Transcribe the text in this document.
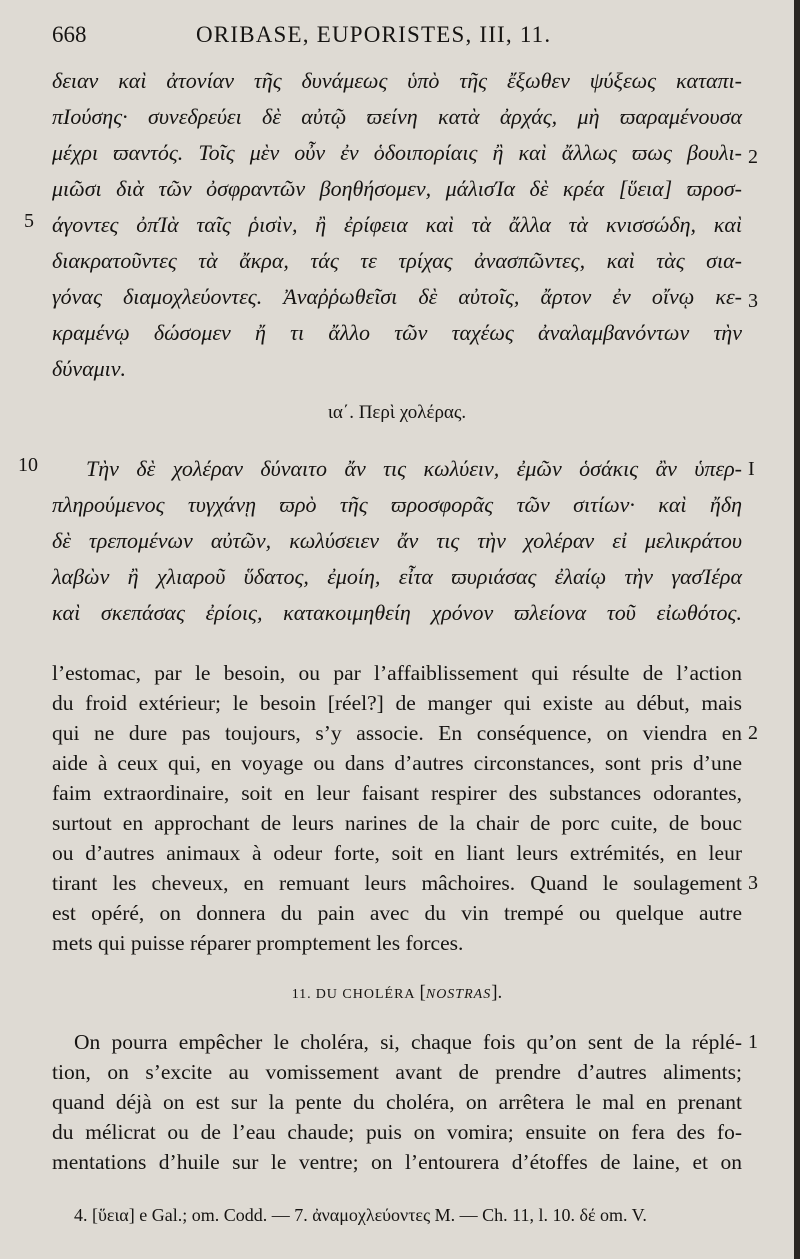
668	ORIBASE, EUPORISTES, III, 11.
δειαν καὶ ἀτονίαν τῆς δυνάμεως ὑπὸ τῆς ἔξωθεν ψύξεως καταπι-
πΙούσης· συνεδρεύει δὲ αὐτῷ ϖείνη κατὰ ἀρχάς, μὴ ϖαραμένουσα
μέχρι ϖαντός. Τοῖς μὲν οὖν ἐν ὁδοιπορίαις ἢ καὶ ἄλλως ϖως βουλι-
μιῶσι διὰ τῶν ὀσφραντῶν βοηθήσομεν, μάλισΊα δὲ κρέα [ὕεια] ϖροσ-
άγοντες ὀπΊὰ ταῖς ῥισὶν, ἢ ἐρίφεια καὶ τὰ ἄλλα τὰ κνισσώδη, καὶ
διακρατοῦντες τὰ ἄκρα, τάς τε τρίχας ἀνασπῶντες, καὶ τὰς σια-
γόνας διαμοχλεύοντες. Ἀναῤῥωθεῖσι δὲ αὐτοῖς, ἄρτον ἐν οἴνῳ κε-
κραμένῳ δώσομεν ἤ τι ἄλλο τῶν ταχέως ἀναλαμβανόντων τὴν
δύναμιν.
ια΄. Περὶ χολέρας.
Τὴν δὲ χολέραν δύναιτο ἄν τις κωλύειν, ἐμῶν ὁσάκις ἂν ὑπερ-
πληρούμενος τυγχάνῃ ϖρὸ τῆς ϖροσφορᾶς τῶν σιτίων· καὶ ἤδη
δὲ τρεπομένων αὐτῶν, κωλύσειεν ἄν τις τὴν χολέραν εἰ μελικράτου
λαβὼν ἢ χλιαροῦ ὕδατος, ἐμοίη, εἶτα ϖυριάσας ἐλαίῳ τὴν γασΊέρα
καὶ σκεπάσας ἐρίοις, κατακοιμηθείη χρόνον ϖλείονα τοῦ εἰωθότος.
l’estomac, par le besoin, ou par l’affaiblissement qui résulte de l’action
du froid extérieur; le besoin [réel?] de manger qui existe au début, mais
qui ne dure pas toujours, s’y associe. En conséquence, on viendra en
aide à ceux qui, en voyage ou dans d’autres circonstances, sont pris d’une
faim extraordinaire, soit en leur faisant respirer des substances odorantes,
surtout en approchant de leurs narines de la chair de porc cuite, de bouc
ou d’autres animaux à odeur forte, soit en liant leurs extrémités, en leur
tirant les cheveux, en remuant leurs mâchoires. Quand le soulagement
est opéré, on donnera du pain avec du vin trempé ou quelque autre
mets qui puisse réparer promptement les forces.
11. DU CHOLÉRA [NOSTRAS].
On pourra empêcher le choléra, si, chaque fois qu’on sent de la réplé-
tion, on s’excite au vomissement avant de prendre d’autres aliments;
quand déjà on est sur la pente du choléra, on arrêtera le mal en prenant
du mélicrat ou de l’eau chaude; puis on vomira; ensuite on fera des fo-
mentations d’huile sur le ventre; on l’entourera d’étoffes de laine, et on
5
10
2
3
I
2
3
1
4. [ὕεια] e Gal.; om. Codd. — 7. ἀναμοχλεύοντες M. — Ch. 11, l. 10. δέ om. V.
